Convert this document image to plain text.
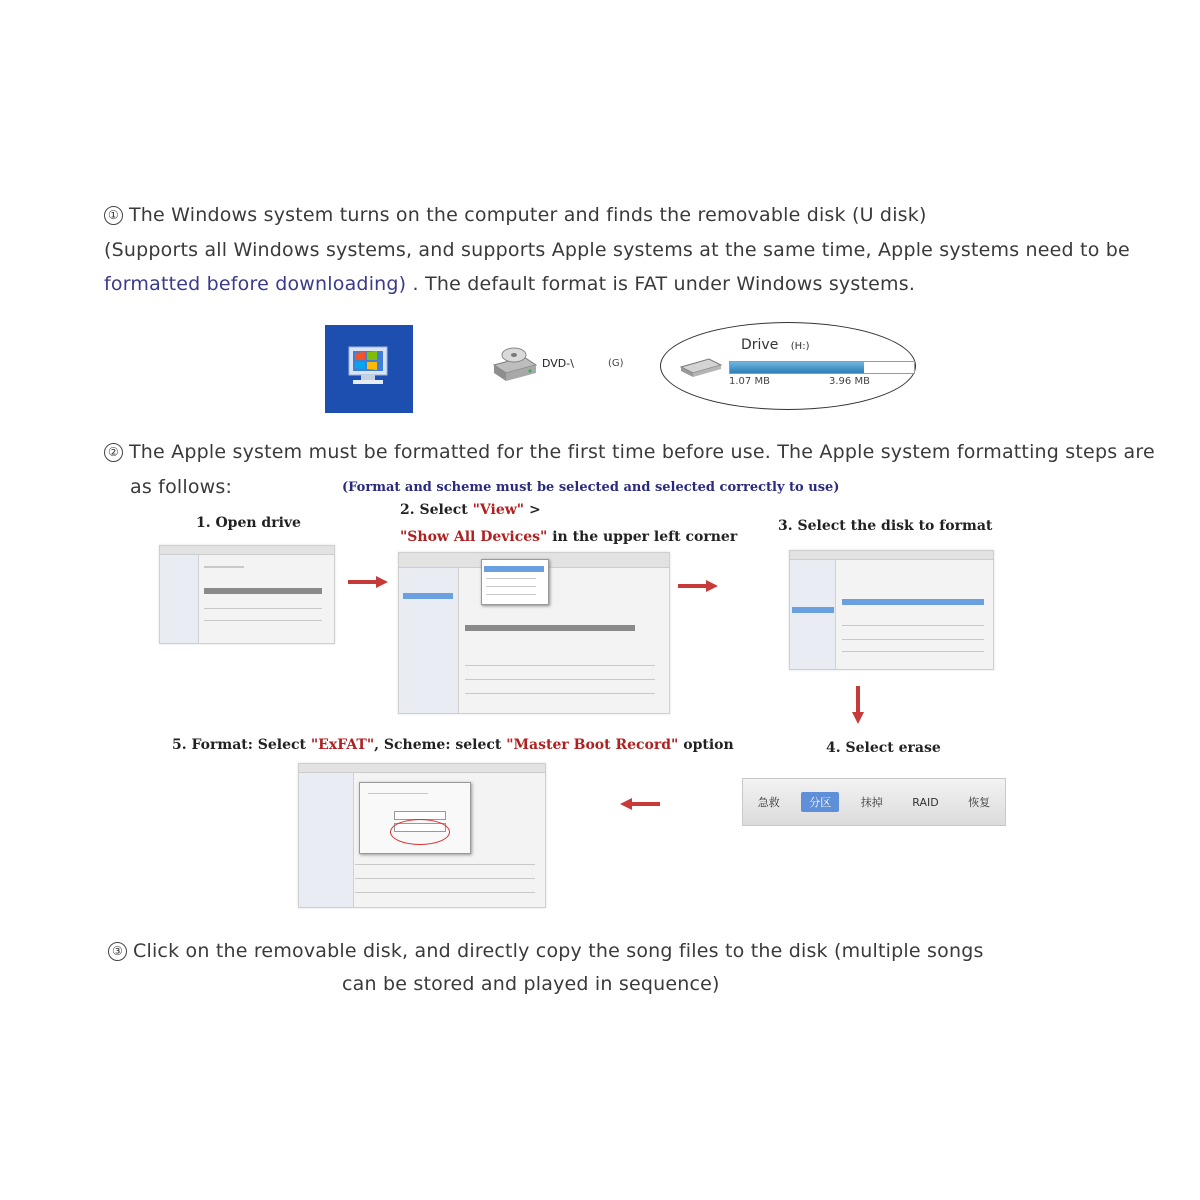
① The Windows system turns on the computer and finds the removable disk (U disk)
(Supports all Windows systems, and supports Apple systems at the same time, Apple systems need to be
formatted before downloading) . The default format is FAT under Windows systems.
DVD-\	(G)
Drive (H:)
1.07 MB	3.96 MB
② The Apple system must be formatted for the first time before use. The Apple system formatting steps are
as follows:	(Format and scheme must be selected and selected correctly to use)
1. Open drive
2. Select "View" >
"Show All Devices" in the upper left corner
3. Select the disk to format
4. Select erase
5. Format: Select "ExFAT", Scheme: select "Master Boot Record" option
急救	分区	抹掉	RAID	恢复
③ Click on the removable disk, and directly copy the song files to the disk (multiple songs
can be stored and played in sequence)
